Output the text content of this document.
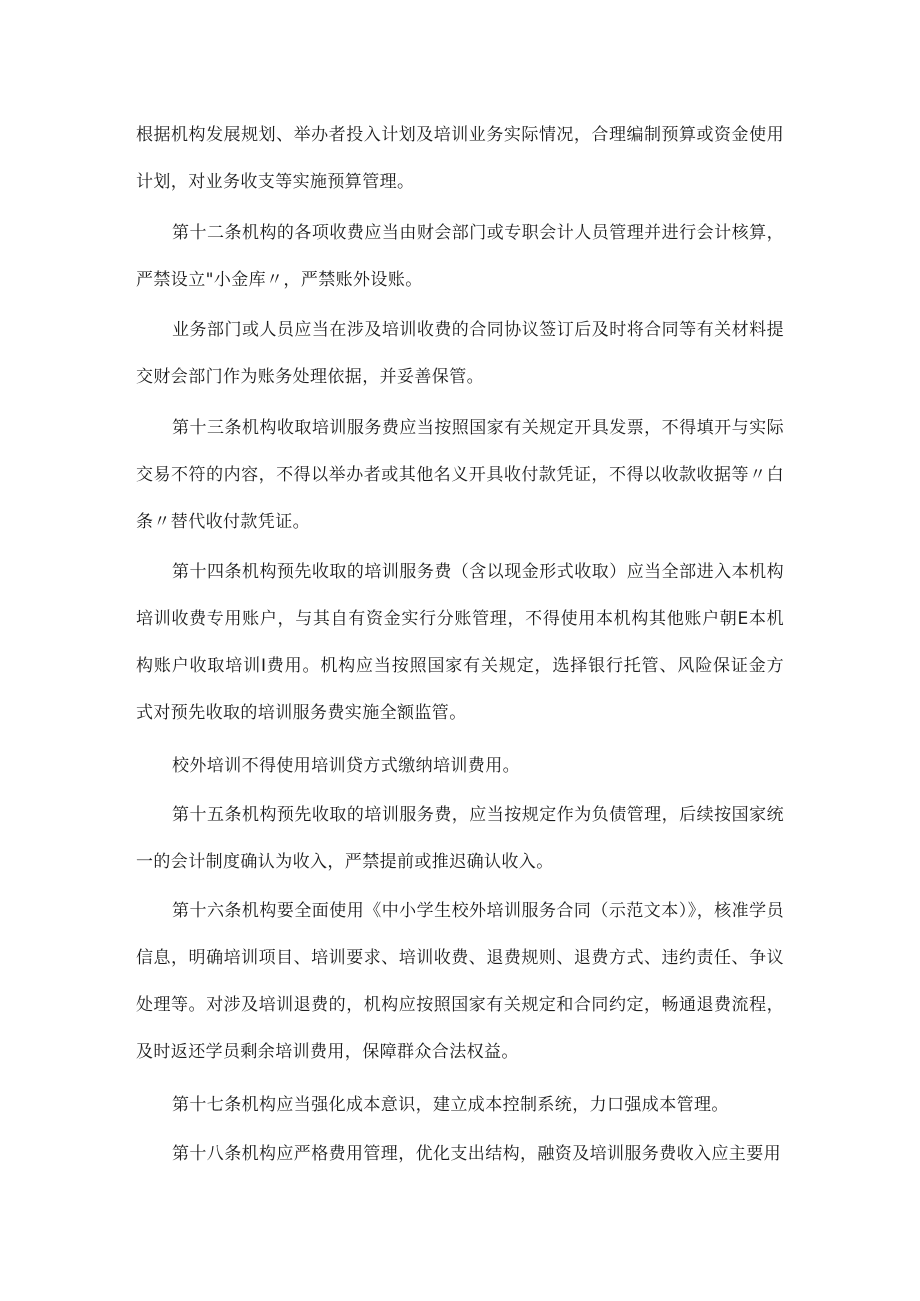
根据机构发展规划、举办者投入计划及培训业务实际情况，合理编制预算或资金使用计划，对业务收支等实施预算管理。

第十二条机构的各项收费应当由财会部门或专职会计人员管理并进行会计核算，严禁设立"小金库〃，严禁账外设账。

业务部门或人员应当在涉及培训收费的合同协议签订后及时将合同等有关材料提交财会部门作为账务处理依据，并妥善保管。

第十三条机构收取培训服务费应当按照国家有关规定开具发票，不得填开与实际交易不符的内容，不得以举办者或其他名义开具收付款凭证，不得以收款收据等〃白条〃替代收付款凭证。

第十四条机构预先收取的培训服务费（含以现金形式收取）应当全部进入本机构培训收费专用账户，与其自有资金实行分账管理，不得使用本机构其他账户朝E本机构账户收取培训I费用。机构应当按照国家有关规定，选择银行托管、风险保证金方式对预先收取的培训服务费实施全额监管。

校外培训不得使用培训贷方式缴纳培训费用。

第十五条机构预先收取的培训服务费，应当按规定作为负债管理，后续按国家统一的会计制度确认为收入，严禁提前或推迟确认收入。

第十六条机构要全面使用《中小学生校外培训服务合同（示范文本）》，核准学员信息，明确培训项目、培训要求、培训收费、退费规则、退费方式、违约责任、争议处理等。对涉及培训退费的，机构应按照国家有关规定和合同约定，畅通退费流程，及时返还学员剩余培训费用，保障群众合法权益。

第十七条机构应当强化成本意识，建立成本控制系统，力口强成本管理。

第十八条机构应严格费用管理，优化支出结构，融资及培训服务费收入应主要用
